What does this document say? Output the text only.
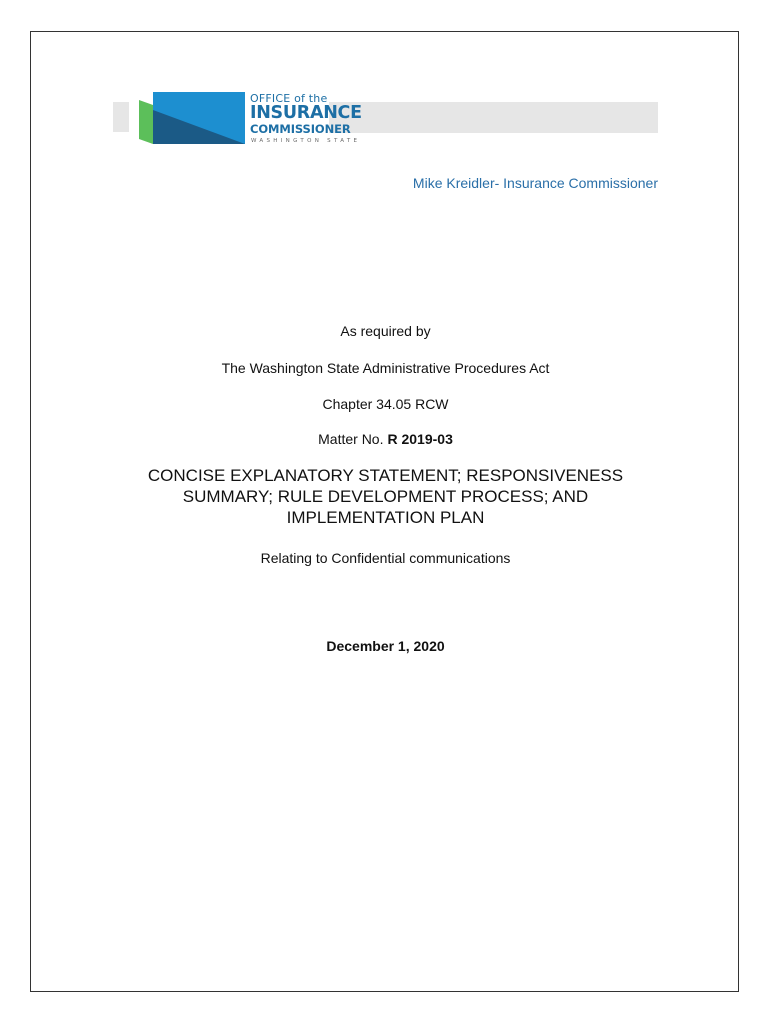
OFFICE of the
INSURANCE
COMMISSIONER
WASHINGTON STATE
Mike Kreidler- Insurance Commissioner
As required by
The Washington State Administrative Procedures Act
Chapter 34.05 RCW
Matter No. R 2019-03
CONCISE EXPLANATORY STATEMENT; RESPONSIVENESS
SUMMARY; RULE DEVELOPMENT PROCESS; AND
IMPLEMENTATION PLAN
Relating to Confidential communications
December 1, 2020
